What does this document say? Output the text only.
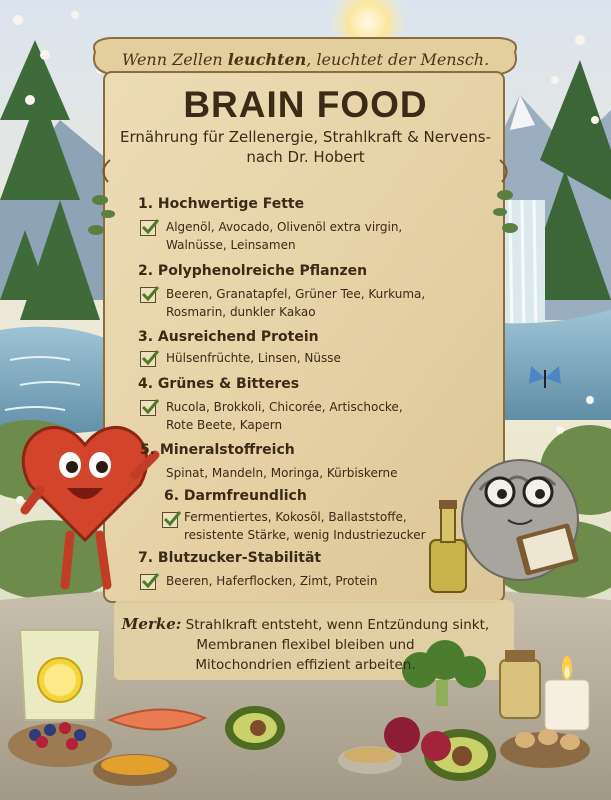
Wenn Zellen leuchten, leuchtet der Mensch.
BRAIN FOOD
Ernährung für Zellenergie, Strahlkraft & Nervens-
nach Dr. Hobert
1. Hochwertige Fette
Algenöl, Avocado, Olivenöl extra virgin,
Walnüsse, Leinsamen
2. Polyphenolreiche Pflanzen
Beeren, Granatapfel, Grüner Tee, Kurkuma,
Rosmarin, dunkler Kakao
3. Ausreichend Protein
Hülsenfrüchte, Linsen, Nüsse
4. Grünes & Bitteres
Rucola, Brokkoli, Chicorée, Artischocke,
Rote Beete, Kapern
5. Mineralstoffreich
Spinat, Mandeln, Moringa, Kürbiskerne
6. Darmfreundlich
Fermentiertes, Kokosöl, Ballaststoffe,
resistente Stärke, wenig Industriezucker
7. Blutzucker-Stabilität
Beeren, Haferflocken, Zimt, Protein
Merke: Strahlkraft entsteht, wenn Entzündung sinkt,
Membranen flexibel bleiben und
Mitochondrien effizient arbeiten.
